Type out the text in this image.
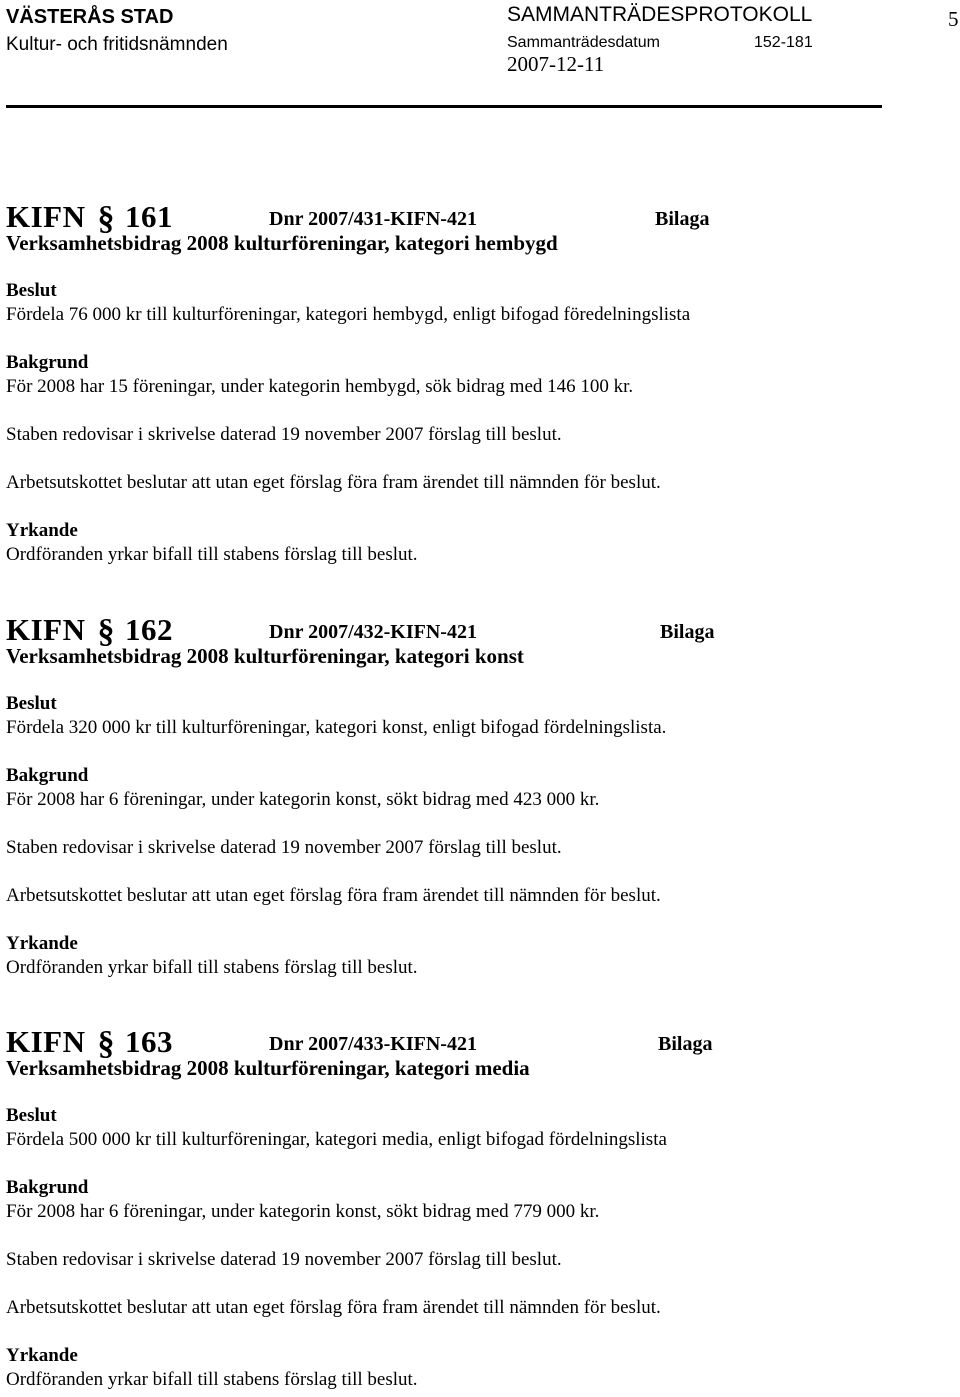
VÄSTERÅS STAD
Kultur- och fritidsnämnden
SAMMANTRÄDESPROTOKOLL
Sammanträdesdatum	152-181
2007-12-11
5
KIFN § 161	Dnr 2007/431-KIFN-421	Bilaga
Verksamhetsbidrag 2008 kulturföreningar, kategori hembygd
Beslut
Fördela 76 000 kr till kulturföreningar, kategori hembygd, enligt bifogad föredelningslista
Bakgrund
För 2008 har 15 föreningar, under kategorin hembygd, sök bidrag med 146 100 kr.
Staben redovisar i skrivelse daterad 19 november 2007 förslag till beslut.
Arbetsutskottet beslutar att utan eget förslag föra fram ärendet till nämnden för beslut.
Yrkande
Ordföranden yrkar bifall till stabens förslag till beslut.
KIFN § 162	Dnr 2007/432-KIFN-421	Bilaga
Verksamhetsbidrag 2008 kulturföreningar, kategori konst
Beslut
Fördela 320 000 kr till kulturföreningar, kategori konst, enligt bifogad fördelningslista.
Bakgrund
För 2008 har 6 föreningar, under kategorin konst, sökt bidrag med 423 000 kr.
Staben redovisar i skrivelse daterad 19 november 2007 förslag till beslut.
Arbetsutskottet beslutar att utan eget förslag föra fram ärendet till nämnden för beslut.
Yrkande
Ordföranden yrkar bifall till stabens förslag till beslut.
KIFN § 163	Dnr 2007/433-KIFN-421	Bilaga
Verksamhetsbidrag 2008 kulturföreningar, kategori media
Beslut
Fördela 500 000 kr till kulturföreningar, kategori media, enligt bifogad fördelningslista
Bakgrund
För 2008 har 6 föreningar, under kategorin konst, sökt bidrag med 779 000 kr.
Staben redovisar i skrivelse daterad 19 november 2007 förslag till beslut.
Arbetsutskottet beslutar att utan eget förslag föra fram ärendet till nämnden för beslut.
Yrkande
Ordföranden yrkar bifall till stabens förslag till beslut.
